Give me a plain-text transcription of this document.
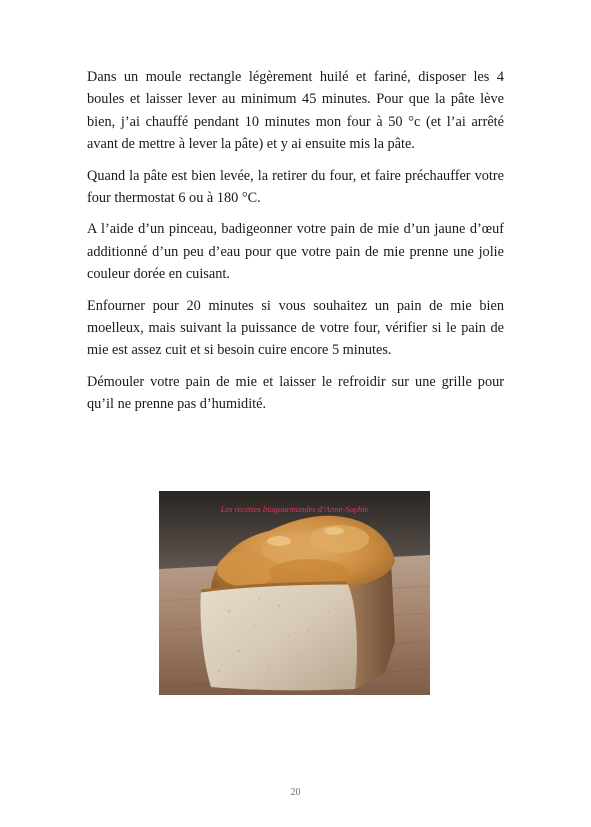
Dans un moule rectangle légèrement huilé et fariné, disposer les 4 boules et laisser lever au minimum 45 minutes. Pour que la pâte lève bien, j’ai chauffé pendant 10 minutes mon four à 50 °c (et l’ai arrêté avant de mettre à lever la pâte) et y ai ensuite mis la pâte.

Quand la pâte est bien levée, la retirer du four, et faire préchauffer votre four thermostat 6 ou à 180 °C.

A l’aide d’un pinceau, badigeonner votre pain de mie d’un jaune d’œuf additionné d’un peu d’eau pour que votre pain de mie prenne une jolie couleur dorée en cuisant.

Enfourner pour 20 minutes si vous souhaitez un pain de mie bien moelleux, mais suivant la puissance de votre four, vérifier si le pain de mie est assez cuit et si besoin cuire encore 5 minutes.

Démouler votre pain de mie et laisser le refroidir sur une grille pour qu’il ne prenne pas d’humidité.

Les recettes biogourmandes d’Anne-Sophie
20
